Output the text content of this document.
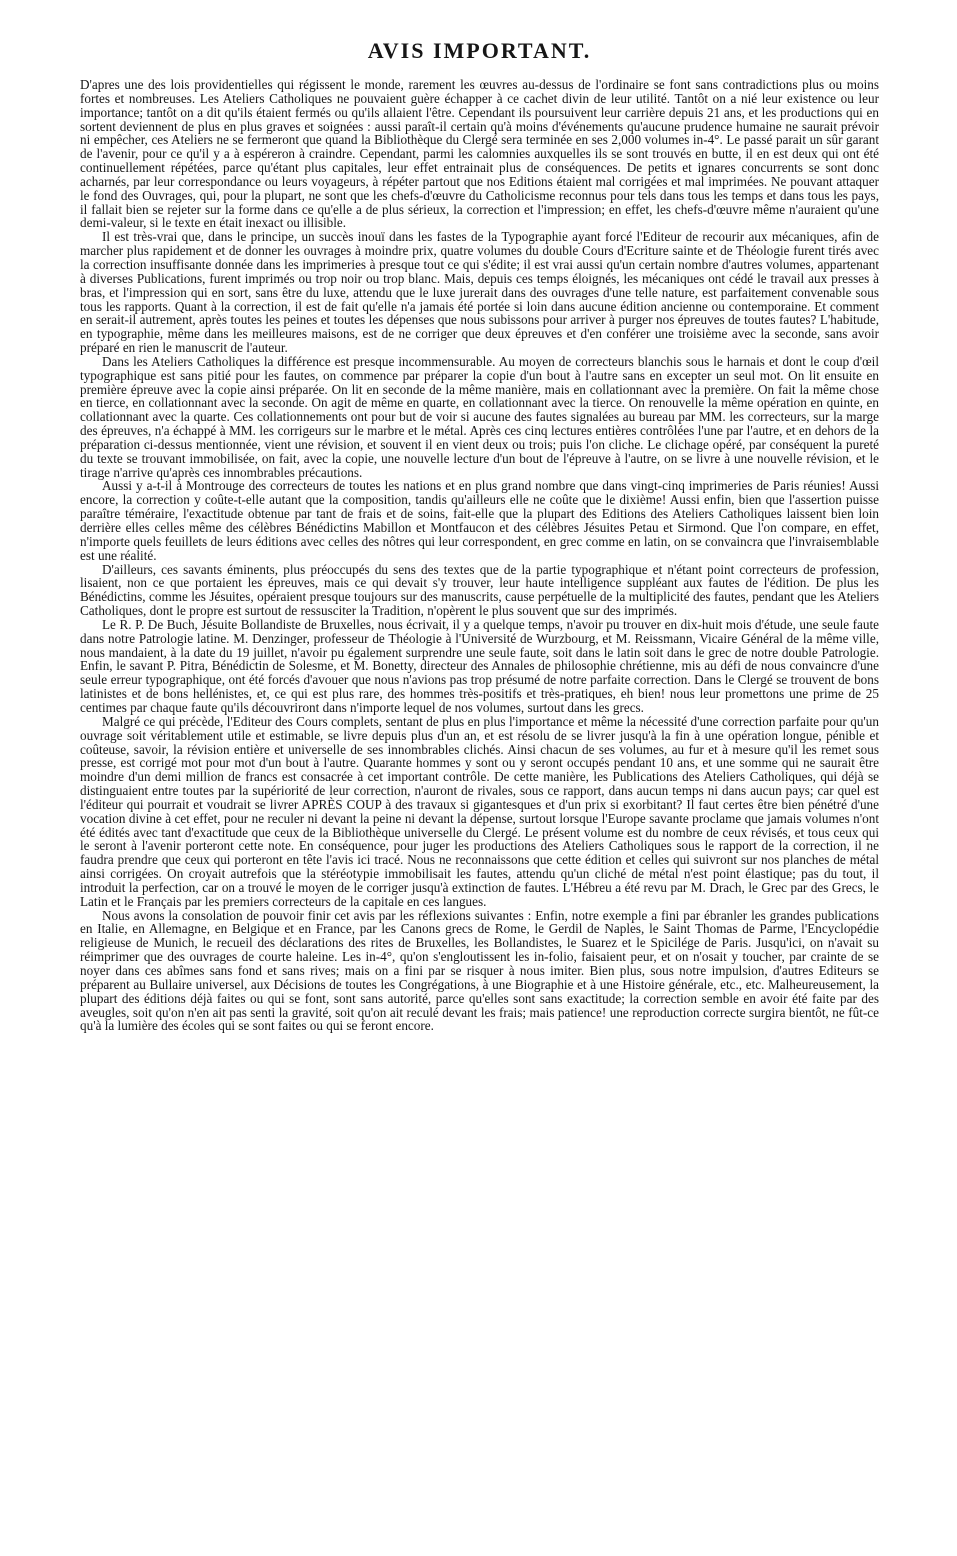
AVIS IMPORTANT.

D'apres une des lois providentielles qui régissent le monde, rarement les œuvres au-dessus de l'ordinaire se font sans contradictions plus ou moins fortes et nombreuses. Les Ateliers Catholiques ne pouvaient guère échapper à ce cachet divin de leur utilité. Tantôt on a nié leur existence ou leur importance; tantôt on a dit qu'ils étaient fermés ou qu'ils allaient l'être. Cependant ils poursuivent leur carrière depuis 21 ans, et les productions qui en sortent deviennent de plus en plus graves et soignées : aussi paraît-il certain qu'à moins d'événements qu'aucune prudence humaine ne saurait prévoir ni empêcher, ces Ateliers ne se fermeront que quand la Bibliothèque du Clergé sera terminée en ses 2,000 volumes in-4°. Le passé parait un sûr garant de l'avenir, pour ce qu'il y a à espéreron à craindre. Cependant, parmi les calomnies auxquelles ils se sont trouvés en butte, il en est deux qui ont été continuellement répétées, parce qu'étant plus capitales, leur effet entrainait plus de conséquences. De petits et ignares concurrents se sont donc acharnés, par leur correspondance ou leurs voyageurs, à répéter partout que nos Editions étaient mal corrigées et mal imprimées. Ne pouvant attaquer le fond des Ouvrages, qui, pour la plupart, ne sont que les chefs-d'œuvre du Catholicisme reconnus pour tels dans tous les temps et dans tous les pays, il fallait bien se rejeter sur la forme dans ce qu'elle a de plus sérieux, la correction et l'impression; en effet, les chefs-d'œuvre même n'auraient qu'une demi-valeur, si le texte en était inexact ou illisible.

Il est très-vrai que, dans le principe, un succès inouï dans les fastes de la Typographie ayant forcé l'Editeur de recourir aux mécaniques, afin de marcher plus rapidement et de donner les ouvrages à moindre prix, quatre volumes du double Cours d'Ecriture sainte et de Théologie furent tirés avec la correction insuffisante donnée dans les imprimeries à presque tout ce qui s'édite; il est vrai aussi qu'un certain nombre d'autres volumes, appartenant à diverses Publications, furent imprimés ou trop noir ou trop blanc. Mais, depuis ces temps éloignés, les mécaniques ont cédé le travail aux presses à bras, et l'impression qui en sort, sans être du luxe, attendu que le luxe jurerait dans des ouvrages d'une telle nature, est parfaitement convenable sous tous les rapports. Quant à la correction, il est de fait qu'elle n'a jamais été portée si loin dans aucune édition ancienne ou contemporaine. Et comment en serait-il autrement, après toutes les peines et toutes les dépenses que nous subissons pour arriver à purger nos épreuves de toutes fautes? L'habitude, en typographie, même dans les meilleures maisons, est de ne corriger que deux épreuves et d'en conférer une troisième avec la seconde, sans avoir préparé en rien le manuscrit de l'auteur.

Dans les Ateliers Catholiques la différence est presque incommensurable. Au moyen de correcteurs blanchis sous le harnais et dont le coup d'œil typographique est sans pitié pour les fautes, on commence par préparer la copie d'un bout à l'autre sans en excepter un seul mot. On lit ensuite en première épreuve avec la copie ainsi préparée. On lit en seconde de la même manière, mais en collationnant avec la première. On fait la même chose en tierce, en collationnant avec la seconde. On agit de même en quarte, en collationnant avec la tierce. On renouvelle la même opération en quinte, en collationnant avec la quarte. Ces collationnements ont pour but de voir si aucune des fautes signalées au bureau par MM. les correcteurs, sur la marge des épreuves, n'a échappé à MM. les corrigeurs sur le marbre et le métal. Après ces cinq lectures entières contrôlées l'une par l'autre, et en dehors de la préparation ci-dessus mentionnée, vient une révision, et souvent il en vient deux ou trois; puis l'on cliche. Le clichage opéré, par conséquent la pureté du texte se trouvant immobilisée, on fait, avec la copie, une nouvelle lecture d'un bout de l'épreuve à l'autre, on se livre à une nouvelle révision, et le tirage n'arrive qu'après ces innombrables précautions.

Aussi y a-t-il à Montrouge des correcteurs de toutes les nations et en plus grand nombre que dans vingt-cinq imprimeries de Paris réunies! Aussi encore, la correction y coûte-t-elle autant que la composition, tandis qu'ailleurs elle ne coûte que le dixième! Aussi enfin, bien que l'assertion puisse paraître téméraire, l'exactitude obtenue par tant de frais et de soins, fait-elle que la plupart des Editions des Ateliers Catholiques laissent bien loin derrière elles celles même des célèbres Bénédictins Mabillon et Montfaucon et des célèbres Jésuites Petau et Sirmond. Que l'on compare, en effet, n'importe quels feuillets de leurs éditions avec celles des nôtres qui leur correspondent, en grec comme en latin, on se convaincra que l'invraisemblable est une réalité.

D'ailleurs, ces savants éminents, plus préoccupés du sens des textes que de la partie typographique et n'étant point correcteurs de profession, lisaient, non ce que portaient les épreuves, mais ce qui devait s'y trouver, leur haute intelligence suppléant aux fautes de l'édition. De plus les Bénédictins, comme les Jésuites, opéraient presque toujours sur des manuscrits, cause perpétuelle de la multiplicité des fautes, pendant que les Ateliers Catholiques, dont le propre est surtout de ressusciter la Tradition, n'opèrent le plus souvent que sur des imprimés.

Le R. P. De Buch, Jésuite Bollandiste de Bruxelles, nous écrivait, il y a quelque temps, n'avoir pu trouver en dix-huit mois d'étude, une seule faute dans notre Patrologie latine. M. Denzinger, professeur de Théologie à l'Université de Wurzbourg, et M. Reissmann, Vicaire Général de la même ville, nous mandaient, à la date du 19 juillet, n'avoir pu également surprendre une seule faute, soit dans le latin soit dans le grec de notre double Patrologie. Enfin, le savant P. Pitra, Bénédictin de Solesme, et M. Bonetty, directeur des Annales de philosophie chrétienne, mis au défi de nous convaincre d'une seule erreur typographique, ont été forcés d'avouer que nous n'avions pas trop présumé de notre parfaite correction. Dans le Clergé se trouvent de bons latinistes et de bons hellénistes, et, ce qui est plus rare, des hommes très-positifs et très-pratiques, eh bien! nous leur promettons une prime de 25 centimes par chaque faute qu'ils découvriront dans n'importe lequel de nos volumes, surtout dans les grecs.

Malgré ce qui précède, l'Editeur des Cours complets, sentant de plus en plus l'importance et même la nécessité d'une correction parfaite pour qu'un ouvrage soit véritablement utile et estimable, se livre depuis plus d'un an, et est résolu de se livrer jusqu'à la fin à une opération longue, pénible et coûteuse, savoir, la révision entière et universelle de ses innombrables clichés. Ainsi chacun de ses volumes, au fur et à mesure qu'il les remet sous presse, est corrigé mot pour mot d'un bout à l'autre. Quarante hommes y sont ou y seront occupés pendant 10 ans, et une somme qui ne saurait être moindre d'un demi million de francs est consacrée à cet important contrôle. De cette manière, les Publications des Ateliers Catholiques, qui déjà se distinguaient entre toutes par la supériorité de leur correction, n'auront de rivales, sous ce rapport, dans aucun temps ni dans aucun pays; car quel est l'éditeur qui pourrait et voudrait se livrer APRÈS COUP à des travaux si gigantesques et d'un prix si exorbitant? Il faut certes être bien pénétré d'une vocation divine à cet effet, pour ne reculer ni devant la peine ni devant la dépense, surtout lorsque l'Europe savante proclame que jamais volumes n'ont été édités avec tant d'exactitude que ceux de la Bibliothèque universelle du Clergé. Le présent volume est du nombre de ceux révisés, et tous ceux qui le seront à l'avenir porteront cette note. En conséquence, pour juger les productions des Ateliers Catholiques sous le rapport de la correction, il ne faudra prendre que ceux qui porteront en tête l'avis ici tracé. Nous ne reconnaissons que cette édition et celles qui suivront sur nos planches de métal ainsi corrigées. On croyait autrefois que la stéréotypie immobilisait les fautes, attendu qu'un cliché de métal n'est point élastique; pas du tout, il introduit la perfection, car on a trouvé le moyen de le corriger jusqu'à extinction de fautes. L'Hébreu a été revu par M. Drach, le Grec par des Grecs, le Latin et le Français par les premiers correcteurs de la capitale en ces langues.

Nous avons la consolation de pouvoir finir cet avis par les réflexions suivantes : Enfin, notre exemple a fini par ébranler les grandes publications en Italie, en Allemagne, en Belgique et en France, par les Canons grecs de Rome, le Gerdil de Naples, le Saint Thomas de Parme, l'Encyclopédie religieuse de Munich, le recueil des déclarations des rites de Bruxelles, les Bollandistes, le Suarez et le Spicilége de Paris. Jusqu'ici, on n'avait su réimprimer que des ouvrages de courte haleine. Les in-4°, qu'on s'engloutissent les in-folio, faisaient peur, et on n'osait y toucher, par crainte de se noyer dans ces abîmes sans fond et sans rives; mais on a fini par se risquer à nous imiter. Bien plus, sous notre impulsion, d'autres Editeurs se préparent au Bullaire universel, aux Décisions de toutes les Congrégations, à une Biographie et à une Histoire générale, etc., etc. Malheureusement, la plupart des éditions déjà faites ou qui se font, sont sans autorité, parce qu'elles sont sans exactitude; la correction semble en avoir été faite par des aveugles, soit qu'on n'en ait pas senti la gravité, soit qu'on ait reculé devant les frais; mais patience! une reproduction correcte surgira bientôt, ne fût-ce qu'à la lumière des écoles qui se sont faites ou qui se feront encore.
